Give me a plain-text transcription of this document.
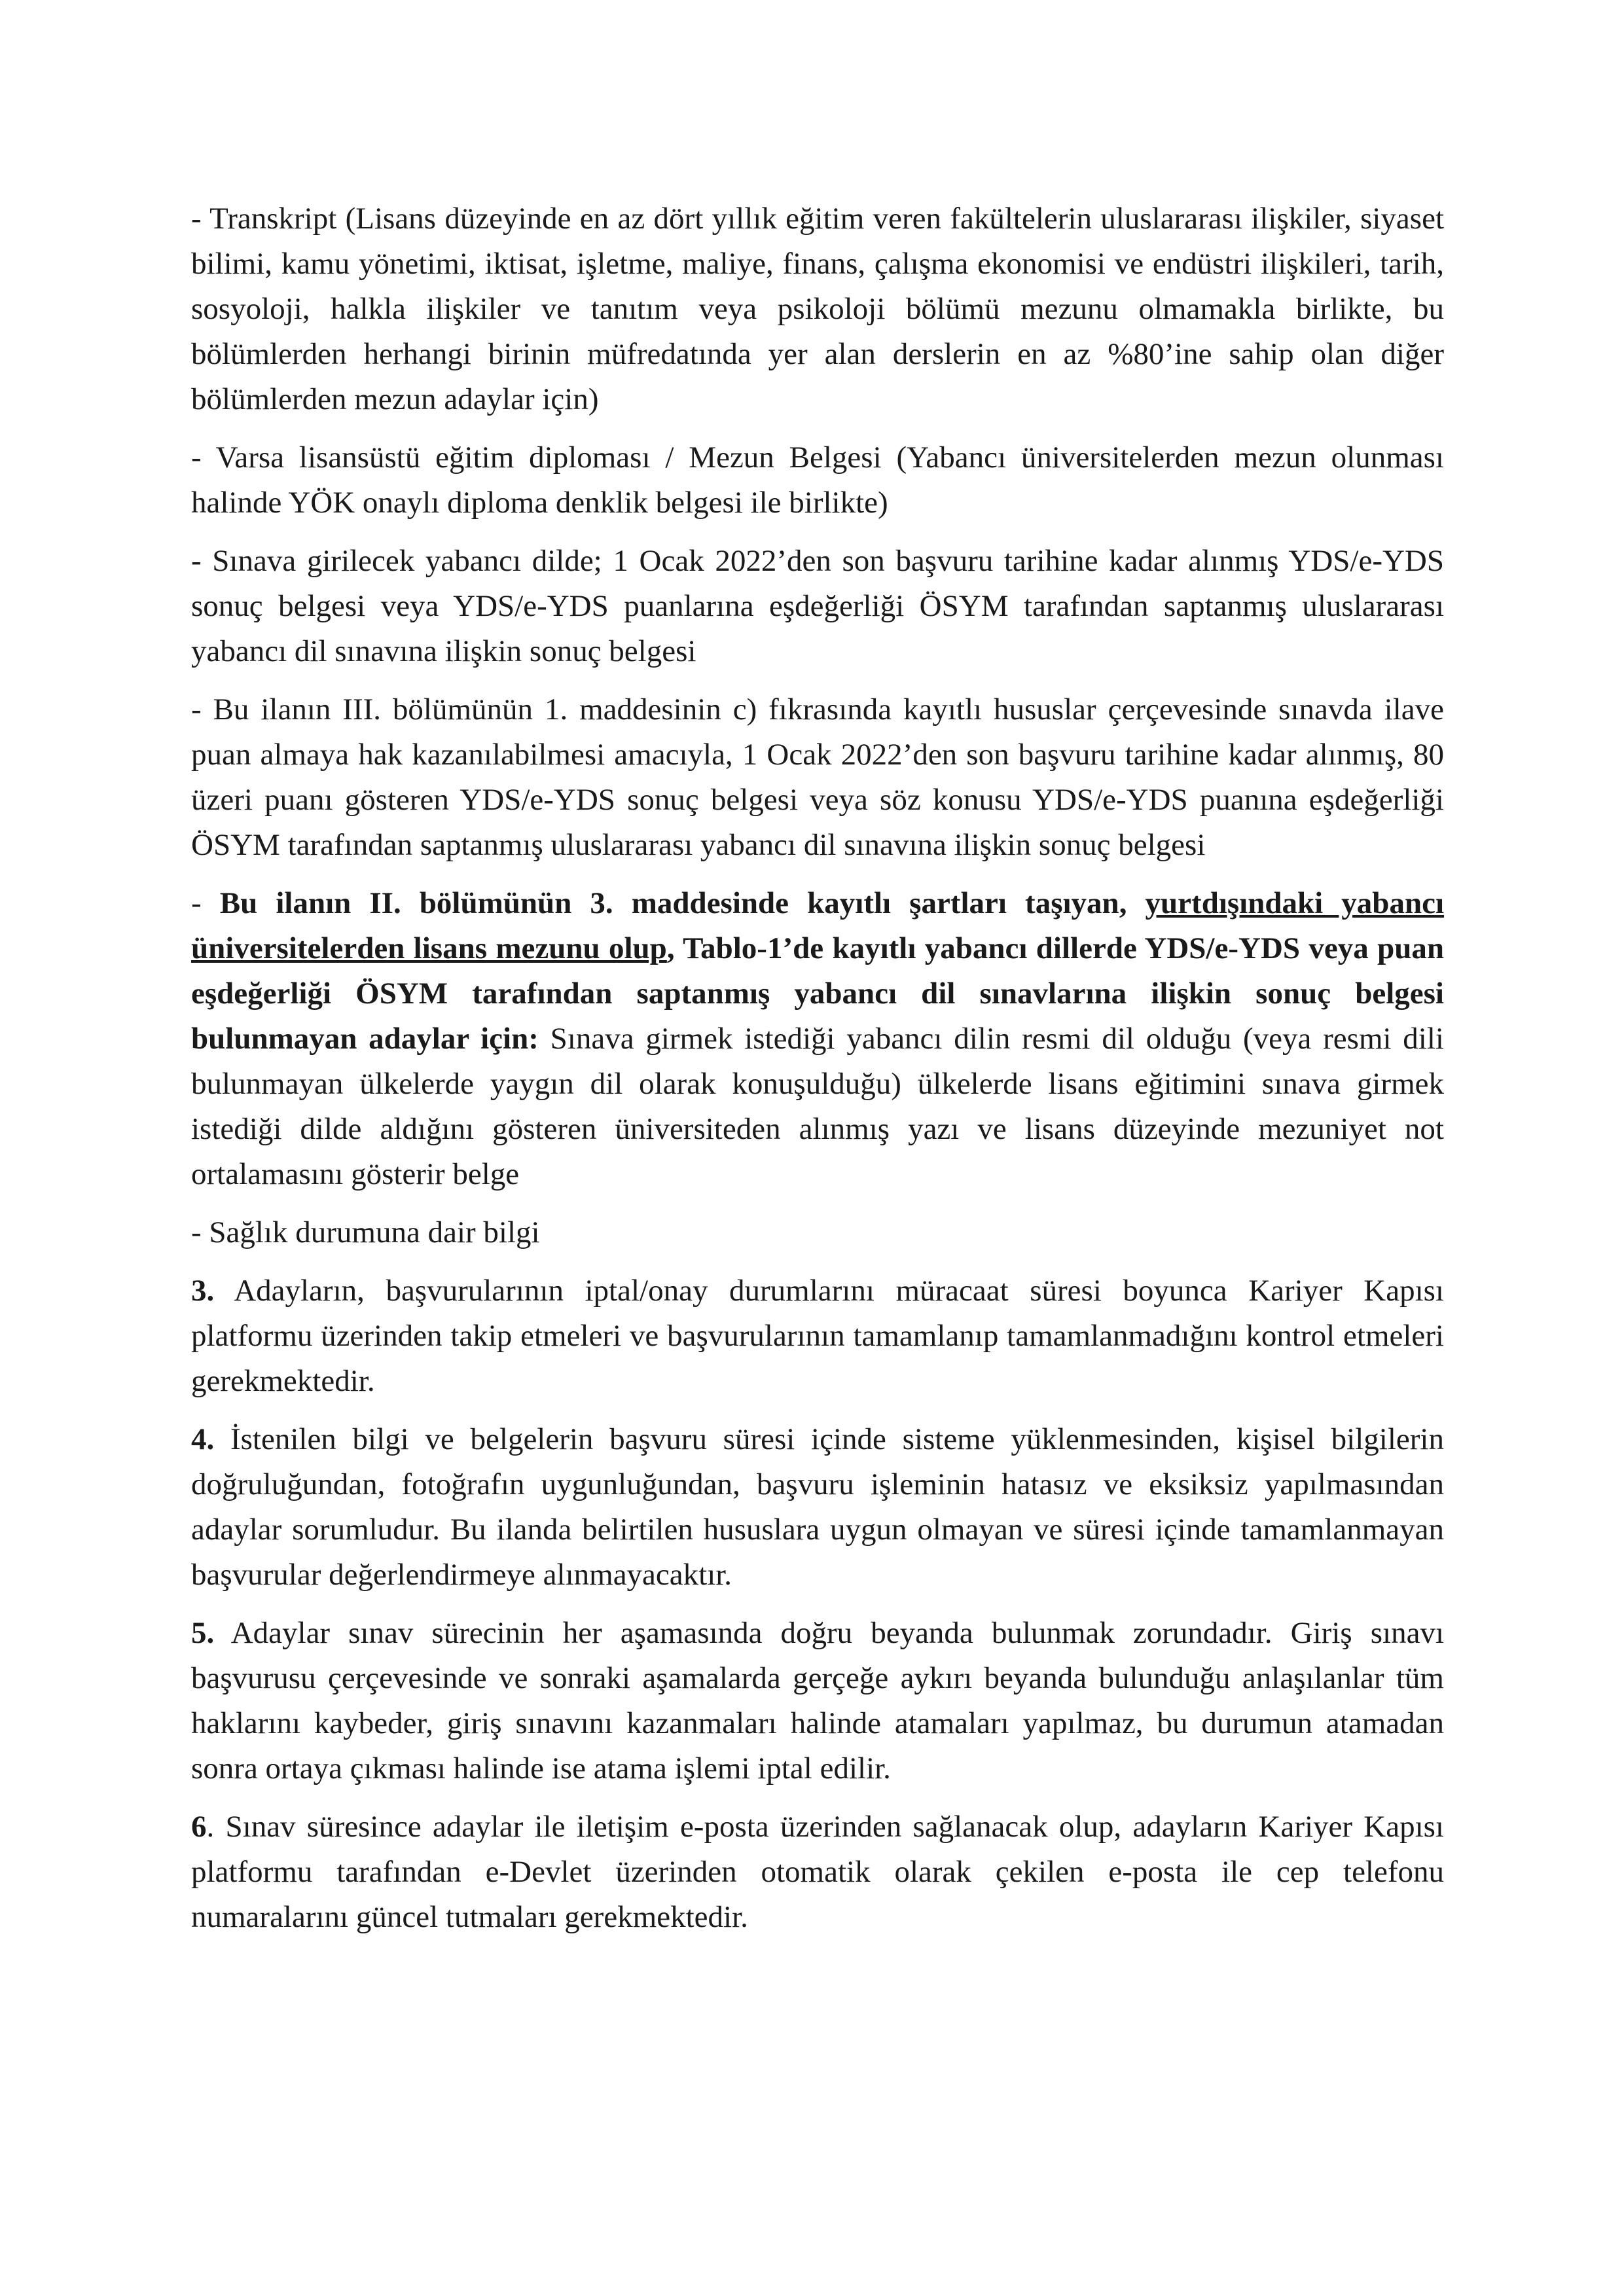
- Transkript (Lisans düzeyinde en az dört yıllık eğitim veren fakültelerin uluslararası ilişkiler, siyaset bilimi, kamu yönetimi, iktisat, işletme, maliye, finans, çalışma ekonomisi ve endüstri ilişkileri, tarih, sosyoloji, halkla ilişkiler ve tanıtım veya psikoloji bölümü mezunu olmamakla birlikte, bu bölümlerden herhangi birinin müfredatında yer alan derslerin en az %80’ine sahip olan diğer bölümlerden mezun adaylar için)

- Varsa lisansüstü eğitim diploması / Mezun Belgesi (Yabancı üniversitelerden mezun olunması halinde YÖK onaylı diploma denklik belgesi ile birlikte)

- Sınava girilecek yabancı dilde; 1 Ocak 2022’den son başvuru tarihine kadar alınmış YDS/e-YDS sonuç belgesi veya YDS/e-YDS puanlarına eşdeğerliği ÖSYM tarafından saptanmış uluslararası yabancı dil sınavına ilişkin sonuç belgesi

- Bu ilanın III. bölümünün 1. maddesinin c) fıkrasında kayıtlı hususlar çerçevesinde sınavda ilave puan almaya hak kazanılabilmesi amacıyla, 1 Ocak 2022’den son başvuru tarihine kadar alınmış, 80 üzeri puanı gösteren YDS/e-YDS sonuç belgesi veya söz konusu YDS/e-YDS puanına eşdeğerliği ÖSYM tarafından saptanmış uluslararası yabancı dil sınavına ilişkin sonuç belgesi

- Bu ilanın II. bölümünün 3. maddesinde kayıtlı şartları taşıyan, yurtdışındaki yabancı üniversitelerden lisans mezunu olup, Tablo-1’de kayıtlı yabancı dillerde YDS/e-YDS veya puan eşdeğerliği ÖSYM tarafından saptanmış yabancı dil sınavlarına ilişkin sonuç belgesi bulunmayan adaylar için: Sınava girmek istediği yabancı dilin resmi dil olduğu (veya resmi dili bulunmayan ülkelerde yaygın dil olarak konuşulduğu) ülkelerde lisans eğitimini sınava girmek istediği dilde aldığını gösteren üniversiteden alınmış yazı ve lisans düzeyinde mezuniyet not ortalamasını gösterir belge

- Sağlık durumuna dair bilgi

3. Adayların, başvurularının iptal/onay durumlarını müracaat süresi boyunca Kariyer Kapısı platformu üzerinden takip etmeleri ve başvurularının tamamlanıp tamamlanmadığını kontrol etmeleri gerekmektedir.

4. İstenilen bilgi ve belgelerin başvuru süresi içinde sisteme yüklenmesinden, kişisel bilgilerin doğruluğundan, fotoğrafın uygunluğundan, başvuru işleminin hatasız ve eksiksiz yapılmasından adaylar sorumludur. Bu ilanda belirtilen hususlara uygun olmayan ve süresi içinde tamamlanmayan başvurular değerlendirmeye alınmayacaktır.

5. Adaylar sınav sürecinin her aşamasında doğru beyanda bulunmak zorundadır. Giriş sınavı başvurusu çerçevesinde ve sonraki aşamalarda gerçeğe aykırı beyanda bulunduğu anlaşılanlar tüm haklarını kaybeder, giriş sınavını kazanmaları halinde atamaları yapılmaz, bu durumun atamadan sonra ortaya çıkması halinde ise atama işlemi iptal edilir.

6. Sınav süresince adaylar ile iletişim e-posta üzerinden sağlanacak olup, adayların Kariyer Kapısı platformu tarafından e-Devlet üzerinden otomatik olarak çekilen e-posta ile cep telefonu numaralarını güncel tutmaları gerekmektedir.
